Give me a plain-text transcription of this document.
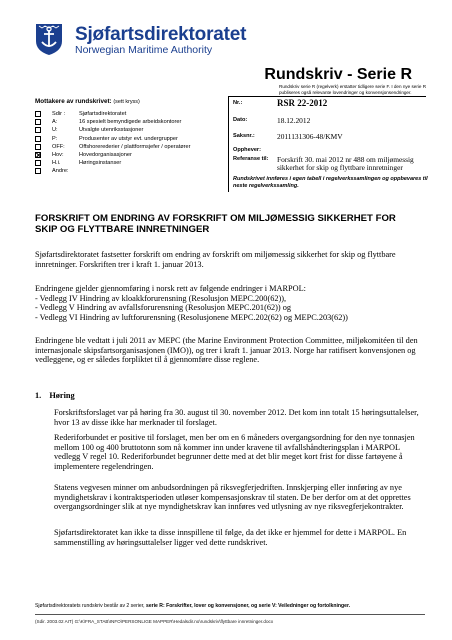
Sjøfartsdirektoratet
Norwegian Maritime Authority
Rundskriv - Serie R
Rundskriv serie R (regelverk) erstatter tidligere serie F. I den nye serie R publiseres også relevante lovendringer og konvensjonsendringer.
Mottakere av rundskrivet: (sett kryss)
Sdir : Sjøfartsdirektoratet
A:	16 spesielt bemyndigede arbeidskontorer
U:	Utvalgte utenriksstasjoner
P:	Produsenter av utstyr evt. undergrupper
OFF:	Offshorerederier / plattformsjefer / operatører
Hov:	Hovedorganisasjoner
H.i.	Høringsinstanser
Andre:
Nr.:	RSR 22-2012
Dato:	18.12.2012
Saksnr.:	2011131306-48/KMV
Opphever:
Referanse til: Forskrift 30. mai 2012 nr 488 om miljømessig sikkerhet for skip og flyttbare innretninger
Rundskrivet innføres i egen tabell i regelverkssamlingen og oppbevares til neste regelverkssamling.
FORSKRIFT OM ENDRING AV FORSKRIFT OM MILJØMESSIG SIKKERHET FOR SKIP OG FLYTTBARE INNRETNINGER
Sjøfartsdirektoratet fastsetter forskrift om endring av forskrift om miljømessig sikkerhet for skip og flyttbare innretninger. Forskriften trer i kraft 1. januar 2013.
Endringene gjelder gjennomføring i norsk rett av følgende endringer i MARPOL:
- Vedlegg IV Hindring av kloakkforurensning (Resolusjon MEPC.200(62)),
- Vedlegg V Hindring av avfallsforurensning (Resolusjon MEPC.201(62)) og
- Vedlegg VI Hindring av luftforurensning (Resolusjonene MEPC.202(62) og MEPC.203(62))
Endringene ble vedtatt i juli 2011 av MEPC (the Marine Environment Protection Committee, miljøkomitéen til den internasjonale skipsfartsorganisasjonen (IMO)), og trer i kraft 1. januar 2013. Norge har ratifisert konvensjonen og vedleggene, og er således forpliktet til å gjennomføre disse reglene.
1. Høring
Forskriftsforslaget var på høring fra 30. august til 30. november 2012. Det kom inn totalt 15 høringsuttalelser, hvor 13 av disse ikke har merknader til forslaget.
Rederiforbundet er positive til forslaget, men ber om en 6 måneders overgangsordning for den nye tonnasjen mellom 100 og 400 bruttotonn som nå kommer inn under kravene til avfallshåndteringsplan i MARPOL vedlegg V regel 10. Rederiforbundet begrunner dette med at det blir meget kort frist for disse fartøyene å implementere regelendringen.
Statens vegvesen minner om anbudsordningen på riksvegferjedriften. Innskjerping eller innføring av nye myndighetskrav i kontraktsperioden utløser kompensasjonskrav til staten. De ber derfor om at det opprettes overgangsordninger slik at nye myndighetskrav kan innføres ved utlysning av nye riksvegferjekontrakter.
Sjøfartsdirektoratet kan ikke ta disse innspillene til følge, da det ikke er hjemmel for dette i MARPOL. En sammenstilling av høringsuttalelser ligger ved dette rundskrivet.
Sjøfartsdirektoratets rundskriv består av 2 serier, serie R: Forskrifter, lover og konvensjoner, og serie V: Veiledninger og fortolkninger.
(Sdir. 2003.02 AIT) G:\K\FRA_STAB\INFO\PERSONLIGE MAPPER\Hedalsdir.no\rundskriv\flyttbare innretninger.docx
